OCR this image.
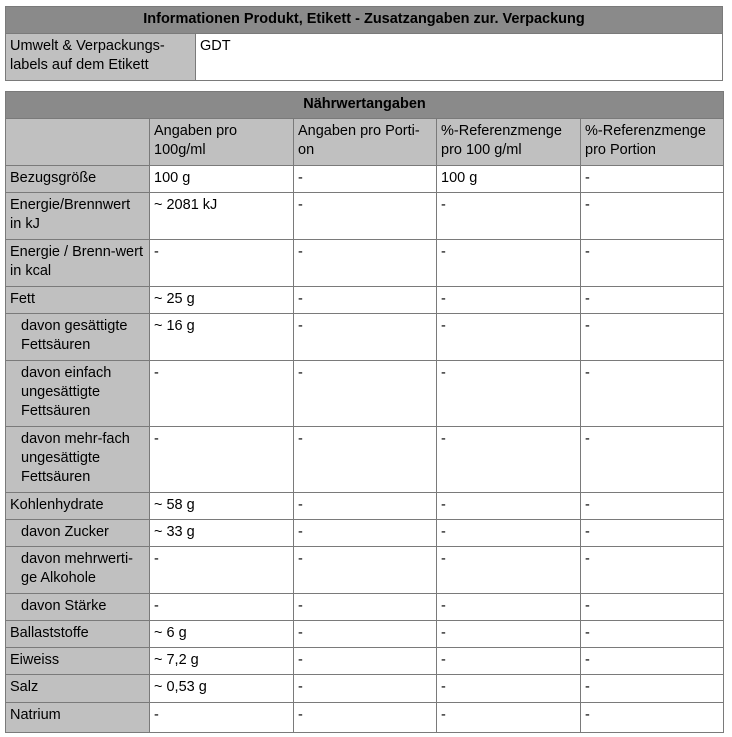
Informationen Produkt, Etikett - Zusatzangaben zur. Verpackung
Umwelt & Verpackungs-
labels auf dem Etikett	GDT
Nährwertangaben				
	Angaben pro 100g/ml	Angaben pro Porti-on	%-Referenzmenge pro 100 g/ml	%-Referenzmenge pro Portion
Bezugsgröße	100 g	-	100 g	-
Energie/Brennwert in kJ	~ 2081 kJ	-	-	-
Energie / Brenn-wert in kcal	-	-	-	-
Fett	~ 25 g	-	-	-
davon gesättigte Fettsäuren	~ 16 g	-	-	-
davon einfach ungesättigte Fettsäuren	-	-	-	-
davon mehr-fach ungesättigte Fettsäuren	-	-	-	-
Kohlenhydrate	~ 58 g	-	-	-
davon Zucker	~ 33 g	-	-	-
davon mehrwerti-ge Alkohole	-	-	-	-
davon Stärke	-	-	-	-
Ballaststoffe	~ 6 g	-	-	-
Eiweiss	~ 7,2 g	-	-	-
Salz	~ 0,53 g	-	-	-
Natrium	-	-	-	-
